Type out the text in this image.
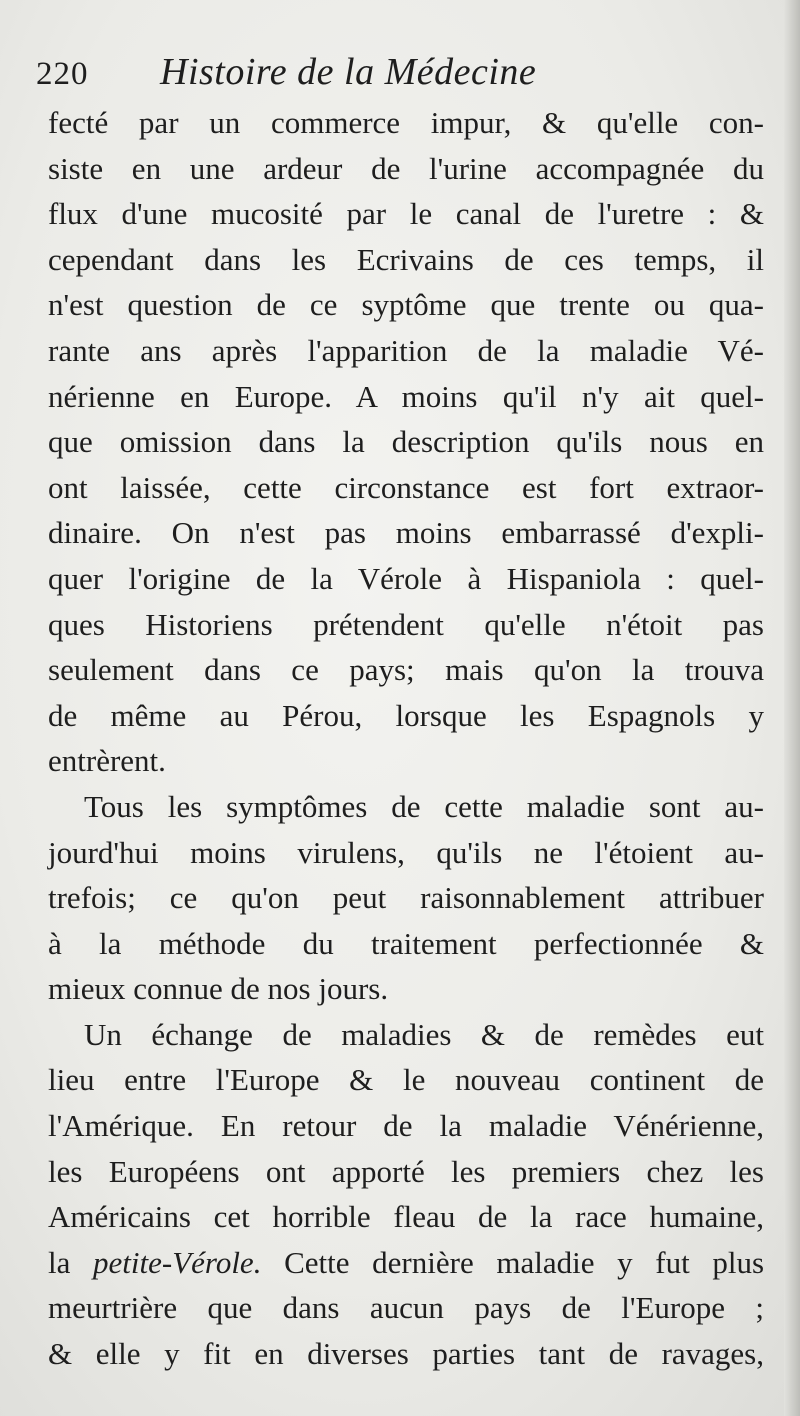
220 Histoire de la Médecine
fecté par un commerce impur, & qu'elle con-
siste en une ardeur de l'urine accompagnée du
flux d'une mucosité par le canal de l'uretre : &
cependant dans les Ecrivains de ces temps, il
n'est question de ce syptôme que trente ou qua-
rante ans après l'apparition de la maladie Vé-
nérienne en Europe. A moins qu'il n'y ait quel-
que omission dans la description qu'ils nous en
ont laissée, cette circonstance est fort extraor-
dinaire. On n'est pas moins embarrassé d'expli-
quer l'origine de la Vérole à Hispaniola : quel-
ques Historiens prétendent qu'elle n'étoit pas
seulement dans ce pays; mais qu'on la trouva
de même au Pérou, lorsque les Espagnols y
entrèrent.
Tous les symptômes de cette maladie sont au-
jourd'hui moins virulens, qu'ils ne l'étoient au-
trefois; ce qu'on peut raisonnablement attribuer
à la méthode du traitement perfectionnée &
mieux connue de nos jours.
Un échange de maladies & de remèdes eut
lieu entre l'Europe & le nouveau continent de
l'Amérique. En retour de la maladie Vénérienne,
les Européens ont apporté les premiers chez les
Américains cet horrible fleau de la race humaine,
la petite-Vérole. Cette dernière maladie y fut plus
meurtrière que dans aucun pays de l'Europe ;
& elle y fit en diverses parties tant de ravages,
